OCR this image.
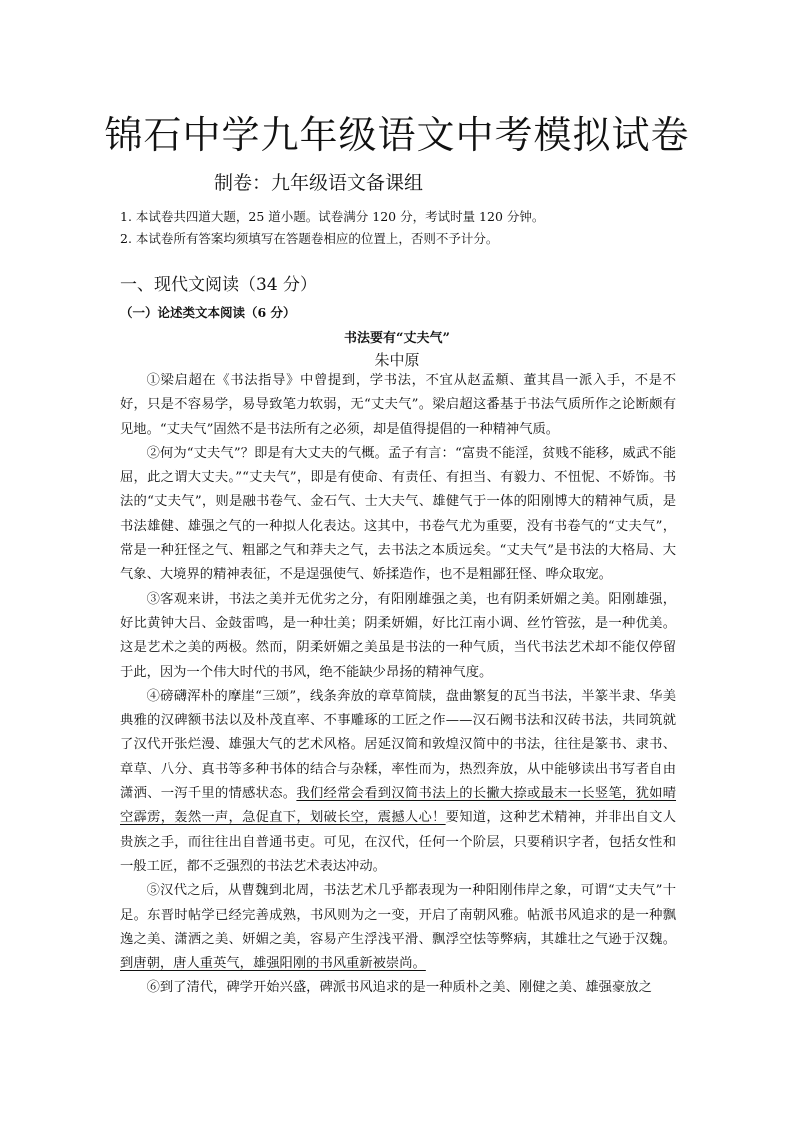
锦石中学九年级语文中考模拟试卷
制卷：九年级语文备课组

1. 本试卷共四道大题，25 道小题。试卷满分 120 分，考试时量 120 分钟。

2. 本试卷所有答案均须填写在答题卷相应的位置上，否则不予计分。

一、现代文阅读（34 分）
（一）论述类文本阅读（6 分）
书法要有“丈夫气”
朱中原

①梁启超在《书法指导》中曾提到，学书法，不宜从赵孟頫、董其昌一派入手，不是不好，只是不容易学，易导致笔力软弱，无“丈夫气”。梁启超这番基于书法气质所作之论断颇有见地。“丈夫气”固然不是书法所有之必须，却是值得提倡的一种精神气质。

②何为“丈夫气”？即是有大丈夫的气概。孟子有言：“富贵不能淫，贫贱不能移，威武不能屈，此之谓大丈夫。”“丈夫气”，即是有使命、有责任、有担当、有毅力、不忸怩、不娇饰。书法的“丈夫气”，则是融书卷气、金石气、士大夫气、雄健气于一体的阳刚博大的精神气质，是书法雄健、雄强之气的一种拟人化表达。这其中，书卷气尤为重要，没有书卷气的“丈夫气”，常是一种狂怪之气、粗鄙之气和莽夫之气，去书法之本质远矣。“丈夫气”是书法的大格局、大气象、大境界的精神表征，不是逞强使气、娇揉造作，也不是粗鄙狂怪、哗众取宠。

③客观来讲，书法之美并无优劣之分，有阳刚雄强之美，也有阴柔妍媚之美。阳刚雄强，好比黄钟大吕、金鼓雷鸣，是一种壮美；阴柔妍媚，好比江南小调、丝竹管弦，是一种优美。这是艺术之美的两极。然而，阴柔妍媚之美虽是书法的一种气质，当代书法艺术却不能仅停留于此，因为一个伟大时代的书风，绝不能缺少昂扬的精神气度。

④磅礴浑朴的摩崖“三颂”，线条奔放的章草简牍，盘曲繁复的瓦当书法，半篆半隶、华美典雅的汉碑额书法以及朴茂直率、不事雕琢的工匠之作——汉石阙书法和汉砖书法，共同筑就了汉代开张烂漫、雄强大气的艺术风格。居延汉简和敦煌汉简中的书法，往往是篆书、隶书、章草、八分、真书等多种书体的结合与杂糅，率性而为，热烈奔放，从中能够读出书写者自由潇洒、一泻千里的情感状态。我们经常会看到汉简书法上的长撇大捺或最末一长竖笔，犹如晴空霹雳，轰然一声，急促直下，划破长空，震撼人心！要知道，这种艺术精神，并非出自文人贵族之手，而往往出自普通书吏。可见，在汉代，任何一个阶层，只要稍识字者，包括女性和一般工匠，都不乏强烈的书法艺术表达冲动。

⑤汉代之后，从曹魏到北周，书法艺术几乎都表现为一种阳刚伟岸之象，可谓“丈夫气”十足。东晋时帖学已经完善成熟，书风则为之一变，开启了南朝风雅。帖派书风追求的是一种飘逸之美、潇洒之美、妍媚之美，容易产生浮浅平滑、飘浮空怯等弊病，其雄壮之气逊于汉魏。到唐朝，唐人重英气，雄强阳刚的书风重新被崇尚。

⑥到了清代，碑学开始兴盛，碑派书风追求的是一种质朴之美、刚健之美、雄强豪放之
